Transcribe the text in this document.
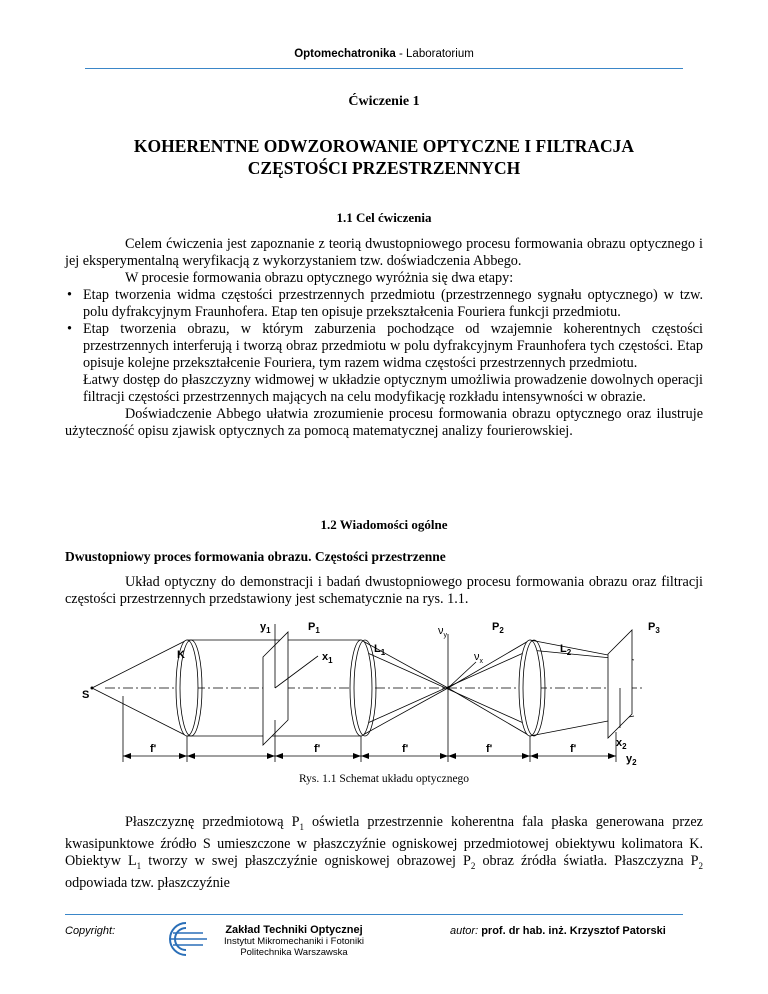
Optomechatronika - Laboratorium
Ćwiczenie 1
KOHERENTNE ODWZOROWANIE OPTYCZNE I FILTRACJA
CZĘSTOŚCI PRZESTRZENNYCH
1.1 Cel ćwiczenia
Celem ćwiczenia jest zapoznanie z teorią dwustopniowego procesu formowania obrazu optycznego i jej eksperymentalną weryfikacją z wykorzystaniem tzw. doświadczenia Abbego.
W procesie formowania obrazu optycznego wyróżnia się dwa etapy:
• Etap tworzenia widma częstości przestrzennych przedmiotu (przestrzennego sygnału optycznego) w tzw. polu dyfrakcyjnym Fraunhofera. Etap ten opisuje przekształcenia Fouriera funkcji przedmiotu.
• Etap tworzenia obrazu, w którym zaburzenia pochodzące od wzajemnie koherentnych częstości przestrzennych interferują i tworzą obraz przedmiotu w polu dyfrakcyjnym Fraunhofera tych częstości. Etap opisuje kolejne przekształcenie Fouriera, tym razem widma częstości przestrzennych przedmiotu.
Łatwy dostęp do płaszczyzny widmowej w układzie optycznym umożliwia prowadzenie dowolnych operacji filtracji częstości przestrzennych mających na celu modyfikację rozkładu intensywności w obrazie.
Doświadczenie Abbego ułatwia zrozumienie procesu formowania obrazu optycznego oraz ilustruje użyteczność opisu zjawisk optycznych za pomocą matematycznej analizy fourierowskiej.
1.2 Wiadomości ogólne
Dwustopniowy proces formowania obrazu. Częstości przestrzenne
Układ optyczny do demonstracji i badań dwustopniowego procesu formowania obrazu oraz filtracji częstości przestrzennych przedstawiony jest schematycznie na rys. 1.1.
$y_1$	$P_1$
$x_1$
K
S
$L_1$
$\nu_y$
$\nu_x$
$P_2$
$L_2$
$P_3$
$x_2$
$y_2$
f'	f'	f'	f'	f'
Rys. 1.1 Schemat układu optycznego
Płaszczyznę przedmiotową $P_1$ oświetla przestrzennie koherentna fala płaska generowana przez kwasipunktowe źródło S umieszczone w płaszczyźnie ogniskowej przedmiotowej obiektywu kolimatora K. Obiektyw $L_1$ tworzy w swej płaszczyźnie ogniskowej obrazowej $P_2$ obraz źródła światła. Płaszczyzna $P_2$ odpowiada tzw. płaszczyźnie
Copyright:	Zakład Techniki Optycznej
Instytut Mikromechaniki i Fotoniki
Politechnika Warszawska
autor: prof. dr hab. inż. Krzysztof Patorski
